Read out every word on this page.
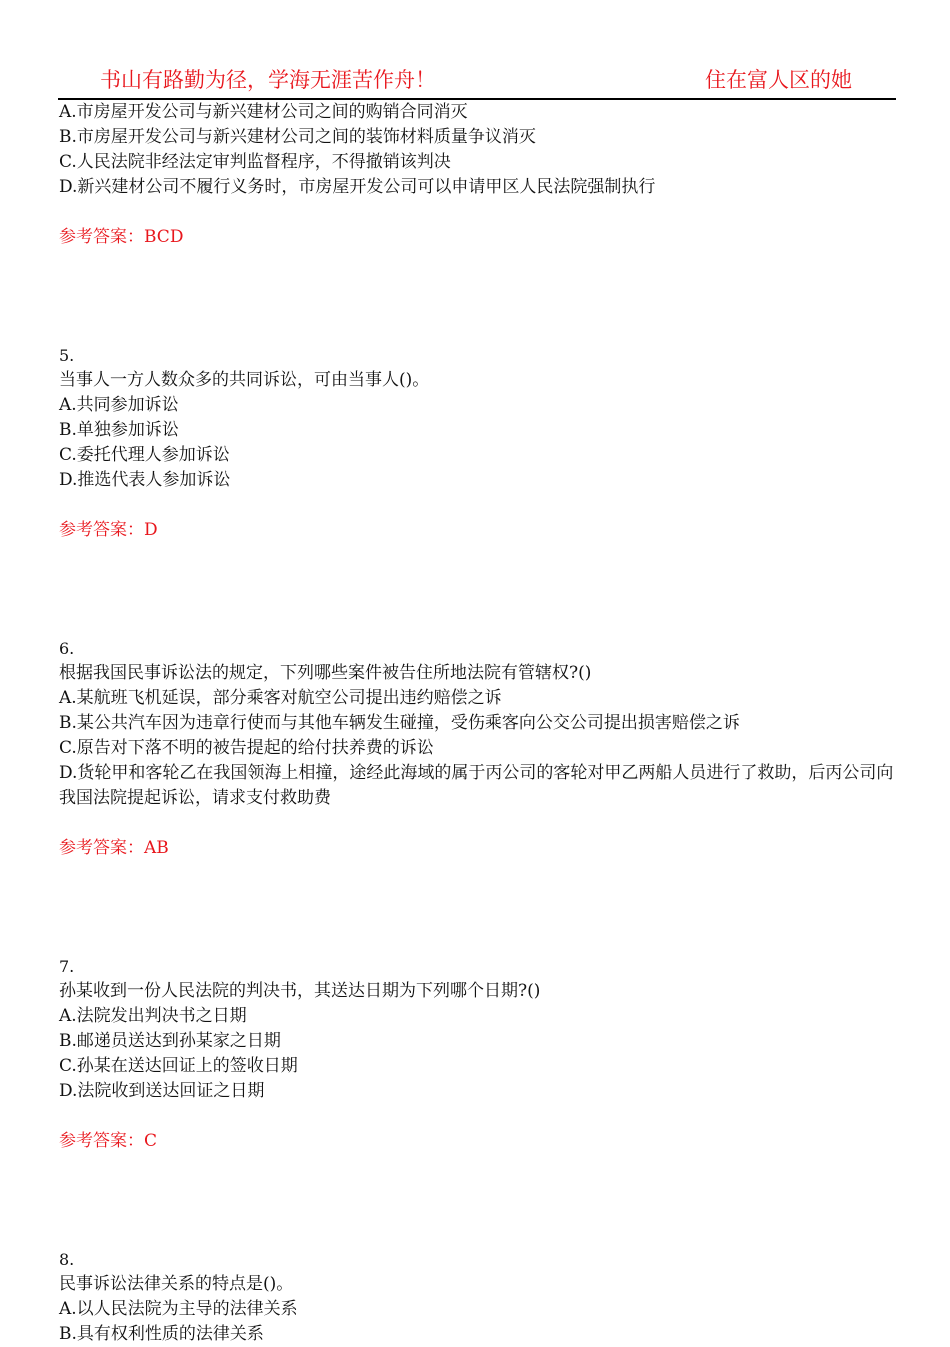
书山有路勤为径，学海无涯苦作舟！	住在富人区的她
A.市房屋开发公司与新兴建材公司之间的购销合同消灭
B.市房屋开发公司与新兴建材公司之间的装饰材料质量争议消灭
C.人民法院非经法定审判监督程序，不得撤销该判决
D.新兴建材公司不履行义务时，市房屋开发公司可以申请甲区人民法院强制执行
参考答案：BCD
5.
当事人一方人数众多的共同诉讼，可由当事人()。
A.共同参加诉讼
B.单独参加诉讼
C.委托代理人参加诉讼
D.推选代表人参加诉讼
参考答案：D
6.
根据我国民事诉讼法的规定，下列哪些案件被告住所地法院有管辖权?()
A.某航班飞机延误，部分乘客对航空公司提出违约赔偿之诉
B.某公共汽车因为违章行使而与其他车辆发生碰撞，受伤乘客向公交公司提出损害赔偿之诉
C.原告对下落不明的被告提起的给付扶养费的诉讼
D.货轮甲和客轮乙在我国领海上相撞，途经此海域的属于丙公司的客轮对甲乙两船人员进行了救助，后丙公司向我国法院提起诉讼，请求支付救助费
参考答案：AB
7.
孙某收到一份人民法院的判决书，其送达日期为下列哪个日期?()
A.法院发出判决书之日期
B.邮递员送达到孙某家之日期
C.孙某在送达回证上的签收日期
D.法院收到送达回证之日期
参考答案：C
8.
民事诉讼法律关系的特点是()。
A.以人民法院为主导的法律关系
B.具有权利性质的法律关系
